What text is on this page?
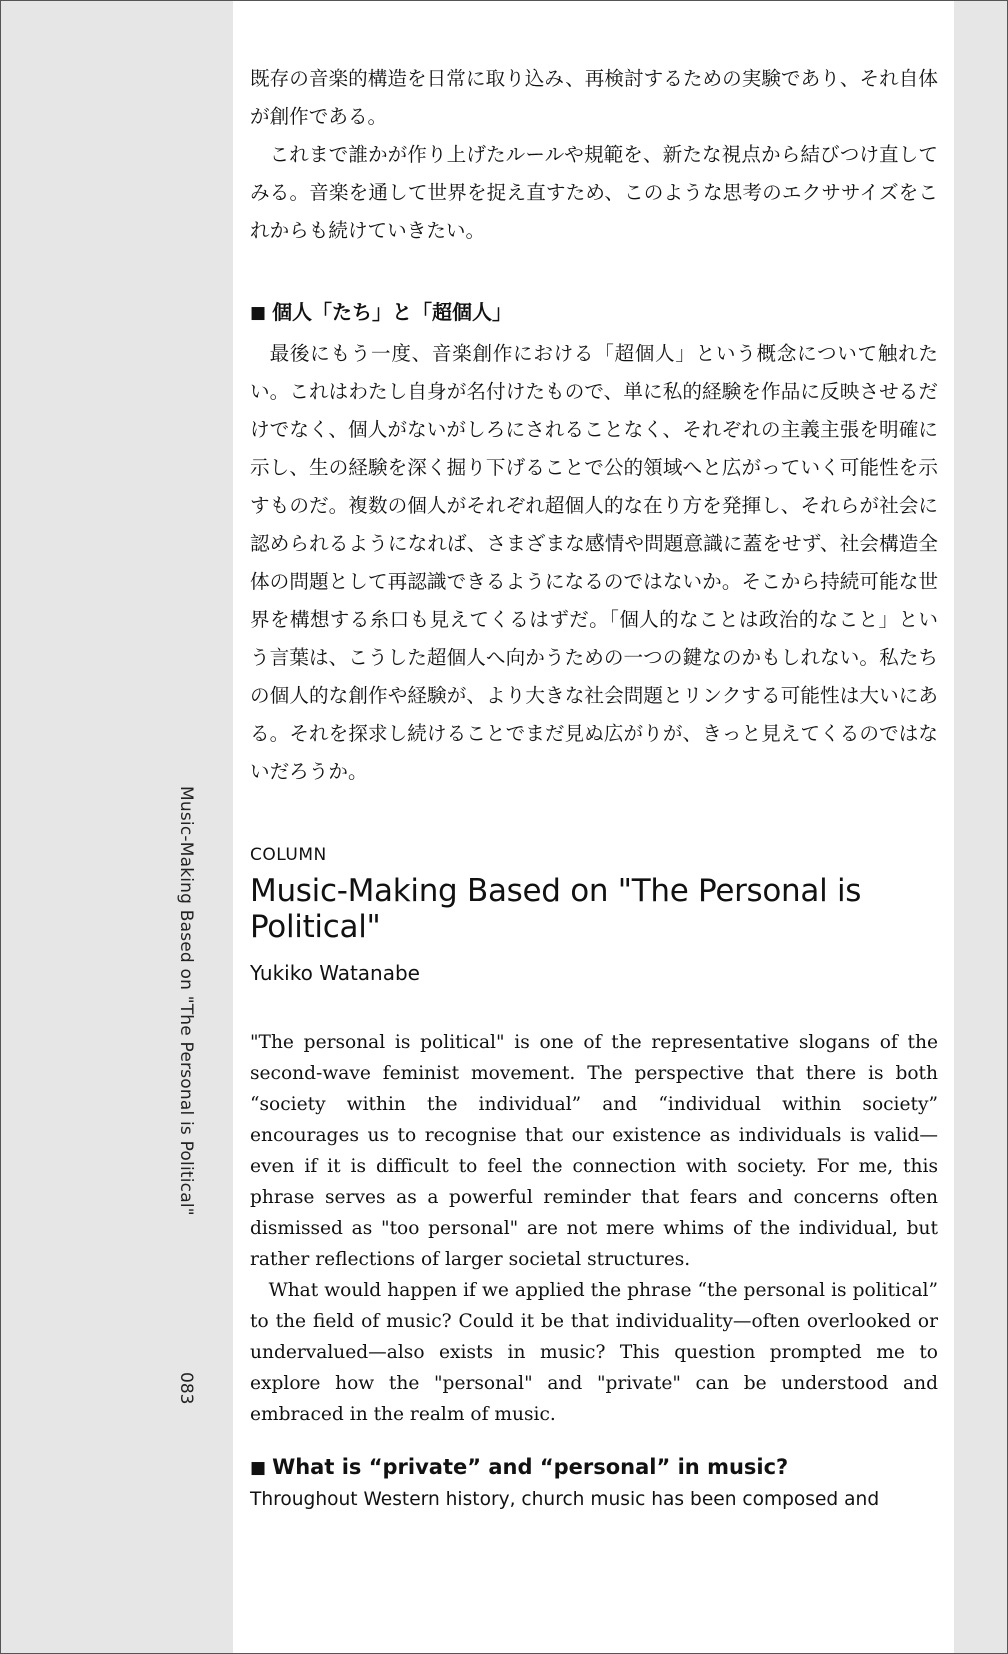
Music-Making Based on "The Personal is Political"
083

既存の音楽的構造を日常に取り込み、再検討するための実験であり、それ自体が創作である。

これまで誰かが作り上げたルールや規範を、新たな視点から結びつけ直してみる。音楽を通して世界を捉え直すため、このような思考のエクササイズをこれからも続けていきたい。

■ 個人「たち」と「超個人」

最後にもう一度、音楽創作における「超個人」という概念について触れたい。これはわたし自身が名付けたもので、単に私的経験を作品に反映させるだけでなく、個人がないがしろにされることなく、それぞれの主義主張を明確に示し、生の経験を深く掘り下げることで公的領域へと広がっていく可能性を示すものだ。複数の個人がそれぞれ超個人的な在り方を発揮し、それらが社会に認められるようになれば、さまざまな感情や問題意識に蓋をせず、社会構造全体の問題として再認識できるようになるのではないか。そこから持続可能な世界を構想する糸口も見えてくるはずだ。「個人的なことは政治的なこと」という言葉は、こうした超個人へ向かうための一つの鍵なのかもしれない。私たちの個人的な創作や経験が、より大きな社会問題とリンクする可能性は大いにある。それを探求し続けることでまだ見ぬ広がりが、きっと見えてくるのではないだろうか。

COLUMN
Music-Making Based on "The Personal is Political"
Yukiko Watanabe

"The personal is political" is one of the representative slogans of the second-wave feminist movement. The perspective that there is both “society within the individual” and “individual within society” encourages us to recognise that our existence as individuals is valid—even if it is difficult to feel the connection with society. For me, this phrase serves as a powerful reminder that fears and concerns often dismissed as "too personal" are not mere whims of the individual, but rather reflections of larger societal structures.

What would happen if we applied the phrase “the personal is political” to the field of music? Could it be that individuality—often overlooked or undervalued—also exists in music? This question prompted me to explore how the "personal" and "private" can be understood and embraced in the realm of music.

■ What is “private” and “personal” in music?

Throughout Western history, church music has been composed and
